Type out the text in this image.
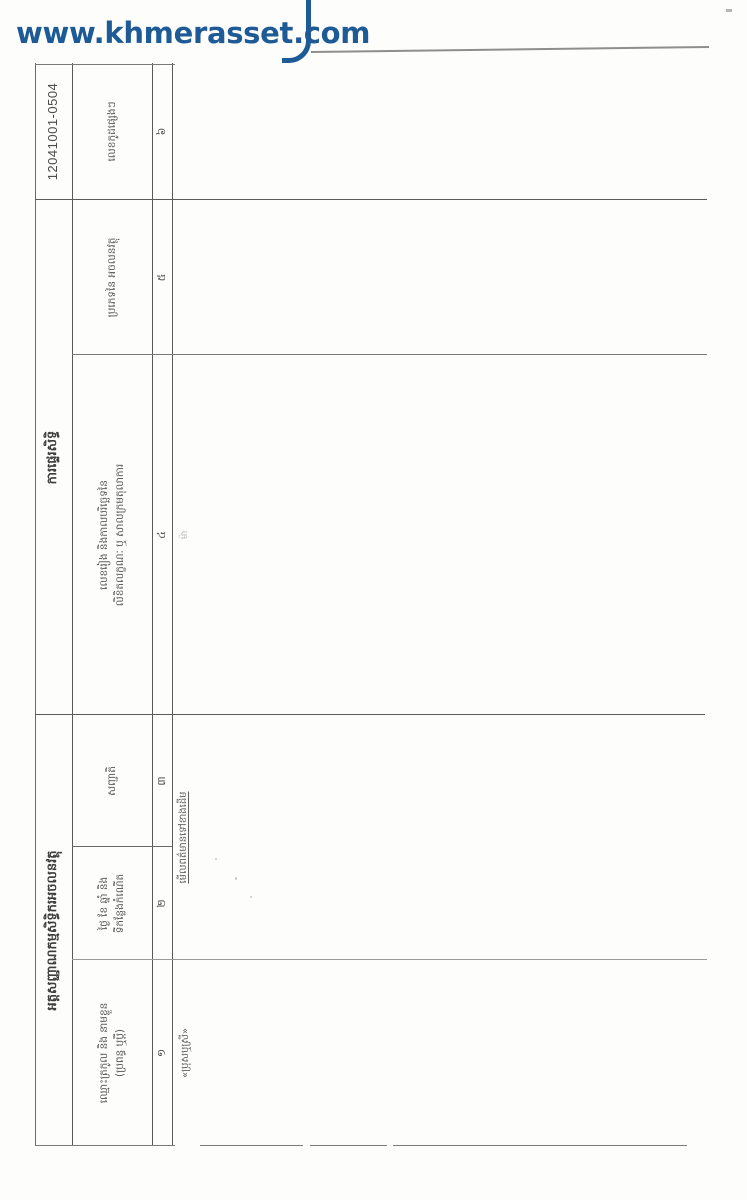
www.khmerasset.com
អត្តសញ្ញាណកម្មសិទ្ធិករអចលនវត្ថុ
ការផ្ទេរសិទ្ធិ
12041001-0504
ឈ្មោះត្រកូល និង នាមខ្លួន (ប្រពន្ធ ឬប្ដី)
ថ្ងៃ ខែ ឆ្នាំ និង ទីកន្លែងកំណើត
សញ្ជាតិ
លេខរៀង និងកាលបរិច្ឆេទនៃ លិខិតលក្ខណៈ ឬ សាលក្រមតុលាការ
ប្រភេទនៃ អចលនវត្ថុ
លេខកូដផ្សេងៗ
១
២
៣
៤
៥
៦
«ប្រុសឬស្រី»
មើលពត៌មានទៅខាងដើម
ម៉ា
